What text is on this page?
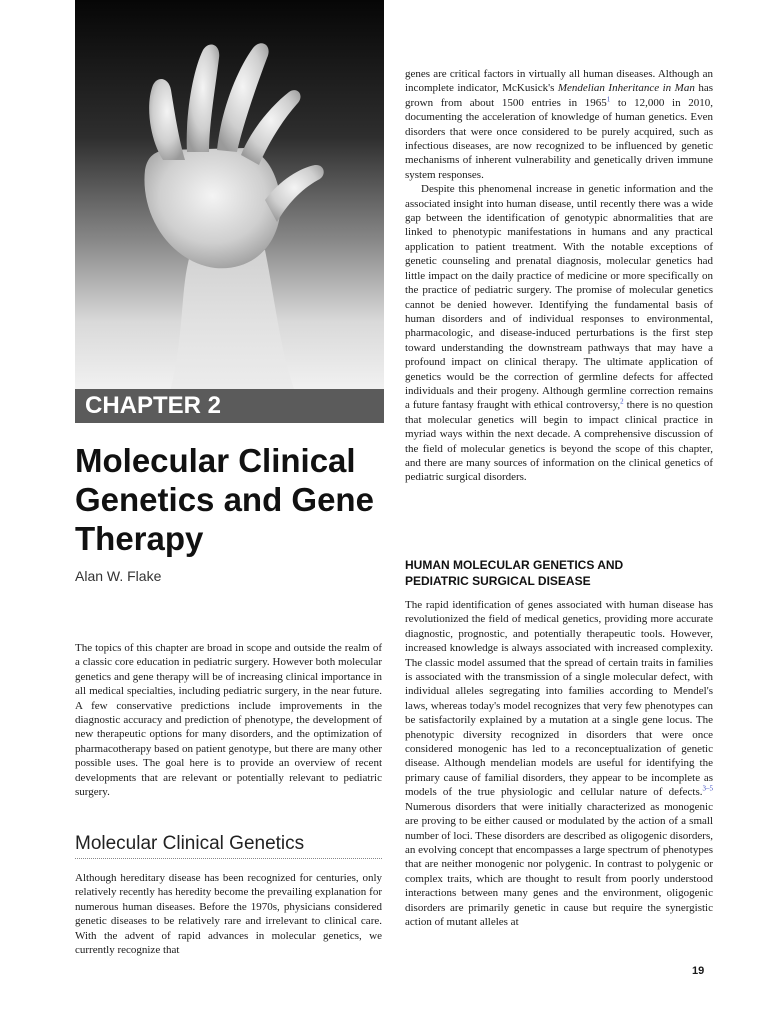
CHAPTER 2
Molecular Clinical Genetics and Gene Therapy
Alan W. Flake

The topics of this chapter are broad in scope and outside the realm of a classic core education in pediatric surgery. However both molecular genetics and gene therapy will be of increasing clinical importance in all medical specialties, including pediatric surgery, in the near future. A few conservative predictions include improvements in the diagnostic accuracy and prediction of phenotype, the development of new therapeutic options for many disorders, and the optimization of pharmacotherapy based on patient genotype, but there are many other possible uses. The goal here is to provide an overview of recent developments that are relevant or potentially relevant to pediatric surgery.

Molecular Clinical Genetics

Although hereditary disease has been recognized for centuries, only relatively recently has heredity become the prevailing explanation for numerous human diseases. Before the 1970s, physicians considered genetic diseases to be relatively rare and irrelevant to clinical care. With the advent of rapid advances in molecular genetics, we currently recognize that

genes are critical factors in virtually all human diseases. Although an incomplete indicator, McKusick's Mendelian Inheritance in Man has grown from about 1500 entries in 1965$^1$ to 12,000 in 2010, documenting the acceleration of knowledge of human genetics. Even disorders that were once considered to be purely acquired, such as infectious diseases, are now recognized to be influenced by genetic mechanisms of inherent vulnerability and genetically driven immune system responses.

Despite this phenomenal increase in genetic information and the associated insight into human disease, until recently there was a wide gap between the identification of genotypic abnormalities that are linked to phenotypic manifestations in humans and any practical application to patient treatment. With the notable exceptions of genetic counseling and prenatal diagnosis, molecular genetics had little impact on the daily practice of medicine or more specifically on the practice of pediatric surgery. The promise of molecular genetics cannot be denied however. Identifying the fundamental basis of human disorders and of individual responses to environmental, pharmacologic, and disease-induced perturbations is the first step toward understanding the downstream pathways that may have a profound impact on clinical therapy. The ultimate application of genetics would be the correction of germline defects for affected individuals and their progeny. Although germline correction remains a future fantasy fraught with ethical controversy,$^2$ there is no question that molecular genetics will begin to impact clinical practice in myriad ways within the next decade. A comprehensive discussion of the field of molecular genetics is beyond the scope of this chapter, and there are many sources of information on the clinical genetics of pediatric surgical disorders.

HUMAN MOLECULAR GENETICS AND
PEDIATRIC SURGICAL DISEASE

The rapid identification of genes associated with human disease has revolutionized the field of medical genetics, providing more accurate diagnostic, prognostic, and potentially therapeutic tools. However, increased knowledge is always associated with increased complexity. The classic model assumed that the spread of certain traits in families is associated with the transmission of a single molecular defect, with individual alleles segregating into families according to Mendel's laws, whereas today's model recognizes that very few phenotypes can be satisfactorily explained by a mutation at a single gene locus. The phenotypic diversity recognized in disorders that were once considered monogenic has led to a reconceptualization of genetic disease. Although mendelian models are useful for identifying the primary cause of familial disorders, they appear to be incomplete as models of the true physiologic and cellular nature of defects.$^{3-5}$ Numerous disorders that were initially characterized as monogenic are proving to be either caused or modulated by the action of a small number of loci. These disorders are described as oligogenic disorders, an evolving concept that encompasses a large spectrum of phenotypes that are neither monogenic nor polygenic. In contrast to polygenic or complex traits, which are thought to result from poorly understood interactions between many genes and the environment, oligogenic disorders are primarily genetic in cause but require the synergistic action of mutant alleles at

19
